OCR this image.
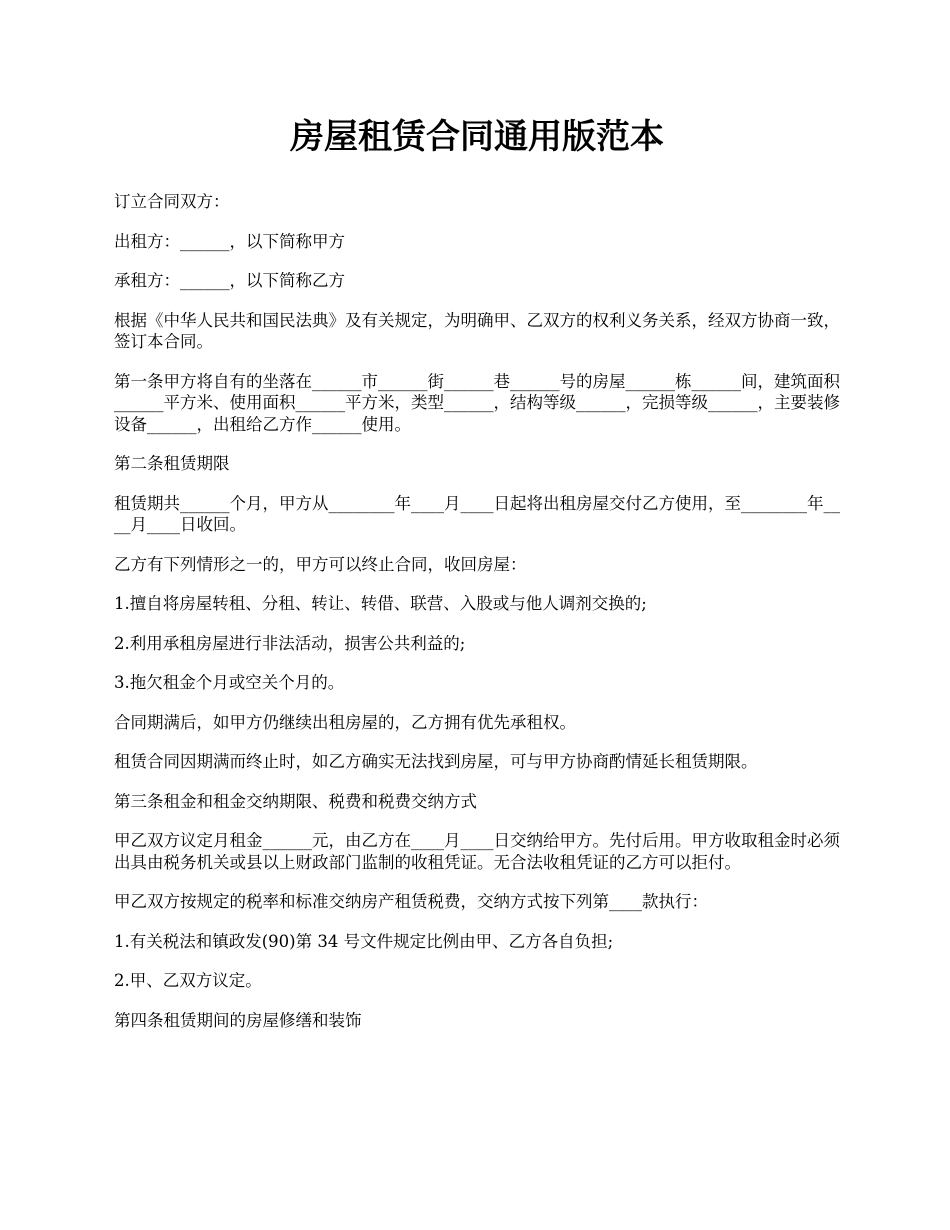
房屋租赁合同通用版范本

订立合同双方：

出租方：______，以下简称甲方

承租方：______，以下简称乙方

根据《中华人民共和国民法典》及有关规定，为明确甲、乙双方的权利义务关系，经双方协商一致，签订本合同。

第一条甲方将自有的坐落在______市______街______巷______号的房屋______栋______间，建筑面积______平方米、使用面积______平方米，类型______，结构等级______，完损等级______，主要装修设备______，出租给乙方作______使用。

第二条租赁期限

租赁期共______个月，甲方从________年____月____日起将出租房屋交付乙方使用，至________年____月____日收回。

乙方有下列情形之一的，甲方可以终止合同，收回房屋：

1.擅自将房屋转租、分租、转让、转借、联营、入股或与他人调剂交换的;

2.利用承租房屋进行非法活动，损害公共利益的;

3.拖欠租金个月或空关个月的。

合同期满后，如甲方仍继续出租房屋的，乙方拥有优先承租权。

租赁合同因期满而终止时，如乙方确实无法找到房屋，可与甲方协商酌情延长租赁期限。

第三条租金和租金交纳期限、税费和税费交纳方式

甲乙双方议定月租金______元，由乙方在____月____日交纳给甲方。先付后用。甲方收取租金时必须出具由税务机关或县以上财政部门监制的收租凭证。无合法收租凭证的乙方可以拒付。

甲乙双方按规定的税率和标准交纳房产租赁税费，交纳方式按下列第____款执行：

1.有关税法和镇政发(90)第 34 号文件规定比例由甲、乙方各自负担;

2.甲、乙双方议定。

第四条租赁期间的房屋修缮和装饰
